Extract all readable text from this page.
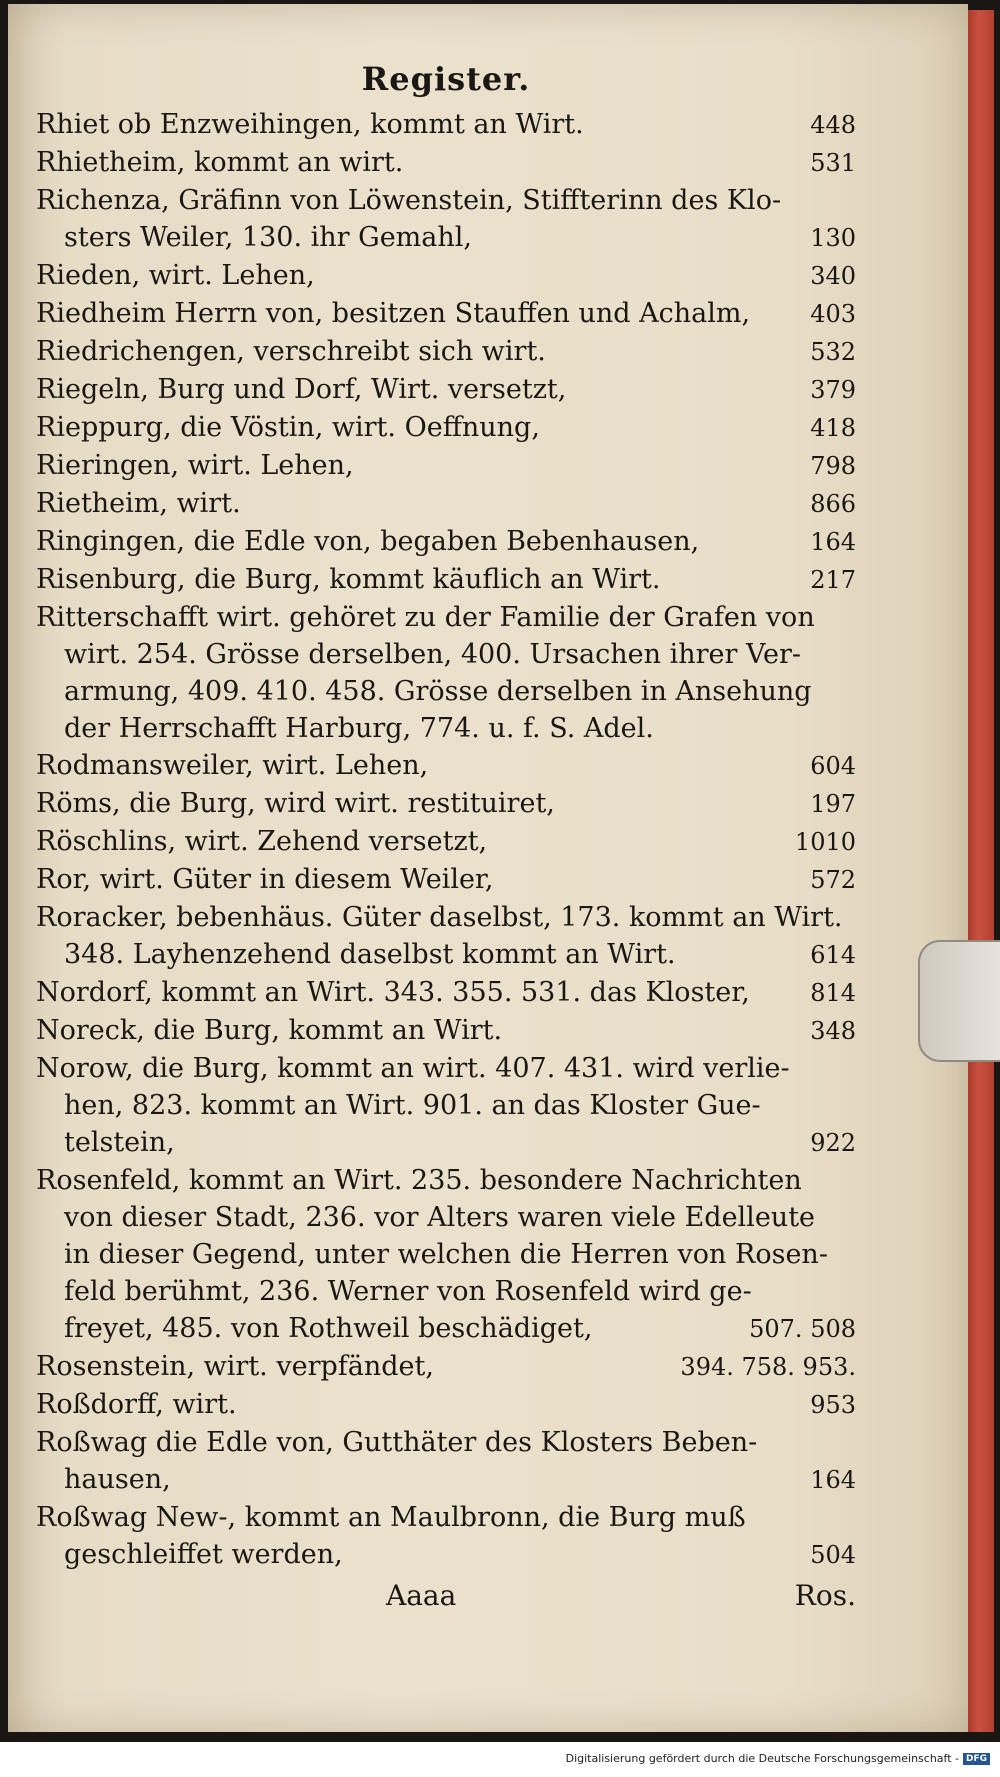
Register.
Rhiet ob Enzweihingen, kommt an Wirt.	448
Rhietheim, kommt an wirt.	531
Richenza, Gräfinn von Löwenstein, Stiffterinn des Klo-
sters Weiler, 130. ihr Gemahl,	130
Rieden, wirt. Lehen,	340
Riedheim Herrn von, besitzen Stauffen und Achalm,	403
Riedrichengen, verschreibt sich wirt.	532
Riegeln, Burg und Dorf, Wirt. versetzt,	379
Rieppurg, die Vöstin, wirt. Oeffnung,	418
Rieringen, wirt. Lehen,	798
Rietheim, wirt.	866
Ringingen, die Edle von, begaben Bebenhausen,	164
Risenburg, die Burg, kommt käuflich an Wirt.	217
Ritterschafft wirt. gehöret zu der Familie der Grafen von
wirt. 254. Grösse derselben, 400. Ursachen ihrer Ver-
armung, 409. 410. 458. Grösse derselben in Ansehung
der Herrschafft Harburg, 774. u. f. S. Adel.
Rodmansweiler, wirt. Lehen,	604
Röms, die Burg, wird wirt. restituiret,	197
Röschlins, wirt. Zehend versetzt,	1010
Ror, wirt. Güter in diesem Weiler,	572
Roracker, bebenhäus. Güter daselbst, 173. kommt an Wirt.
348. Layhenzehend daselbst kommt an Wirt.	614
Nordorf, kommt an Wirt. 343. 355. 531. das Kloster,	814
Noreck, die Burg, kommt an Wirt.	348
Norow, die Burg, kommt an wirt. 407. 431. wird verlie-
hen, 823. kommt an Wirt. 901. an das Kloster Gue-
telstein,	922
Rosenfeld, kommt an Wirt. 235. besondere Nachrichten
von dieser Stadt, 236. vor Alters waren viele Edelleute
in dieser Gegend, unter welchen die Herren von Rosen-
feld berühmt, 236. Werner von Rosenfeld wird ge-
freyet, 485. von Rothweil beschädiget,	507. 508
Rosenstein, wirt. verpfändet,	394. 758. 953.
Roßdorff, wirt.	953
Roßwag die Edle von, Gutthäter des Klosters Beben-
hausen,	164
Roßwag New-, kommt an Maulbronn, die Burg muß
geschleiffet werden,	504
Aaaa	Ros.
Digitalisierung gefördert durch die Deutsche Forschungsgemeinschaft - DFG
